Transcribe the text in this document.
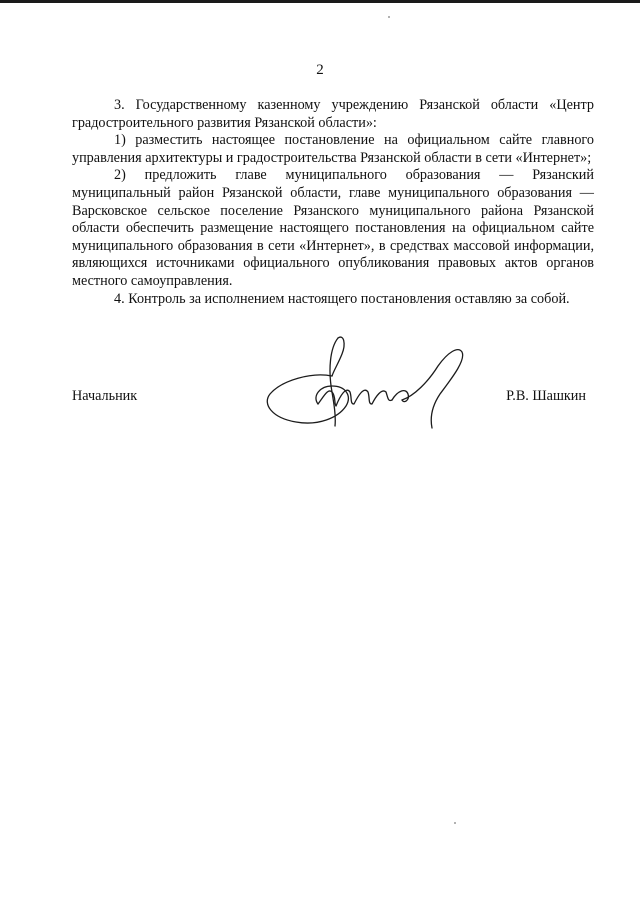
2

3. Государственному казенному учреждению Рязанской области «Центр градостроительного развития Рязанской области»:

1) разместить настоящее постановление на официальном сайте главного управления архитектуры и градостроительства Рязанской области в сети «Интернет»;

2) предложить главе муниципального образования — Рязанский муниципальный район Рязанской области, главе муниципального образования — Варсковское сельское поселение Рязанского муниципального района Рязанской области обеспечить размещение настоящего постановления на официальном сайте муниципального образования в сети «Интернет», в средствах массовой информации, являющихся источниками официального опубликования правовых актов органов местного самоуправления.

4. Контроль за исполнением настоящего постановления оставляю за собой.

Начальник	Р.В. Шашкин
